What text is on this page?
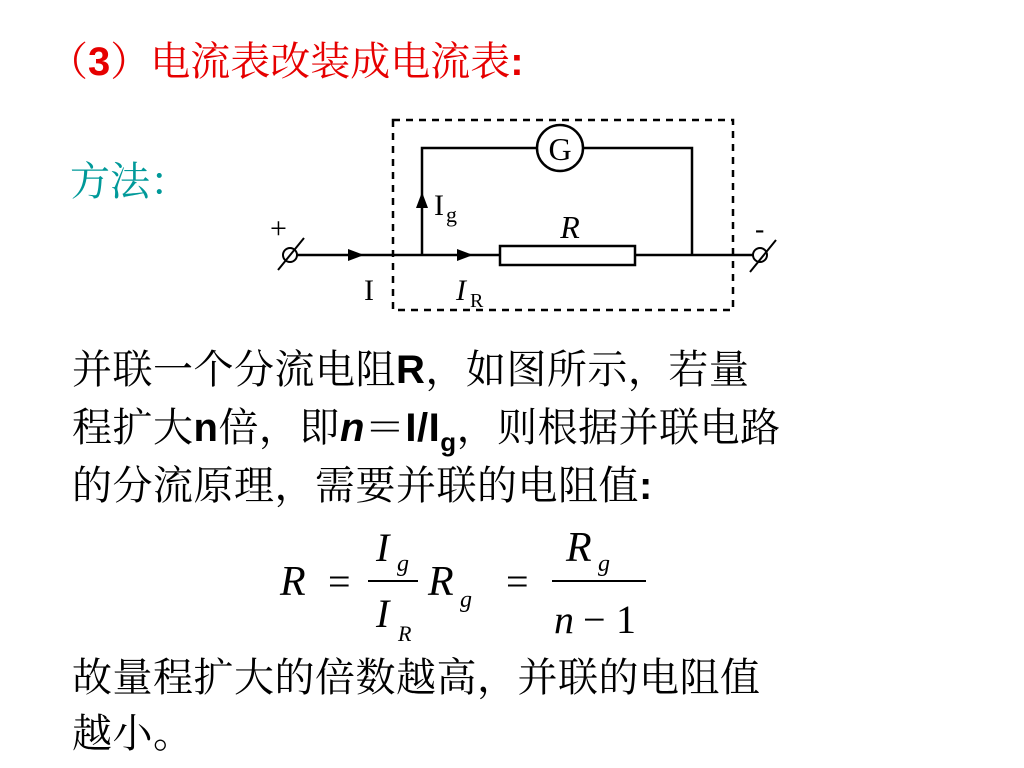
（3）电流表改装成电流表:
方法：
G
R
+	-
I
I g
I R
并联一个分流电阻R，如图所示，若量
程扩大n倍，即$n=I/I_g$，则根据并联电路
的分流原理，需要并联的电阻值:
R =
I g
I R
R g =
R g
n − 1
故量程扩大的倍数越高，并联的电阻值
越小。
